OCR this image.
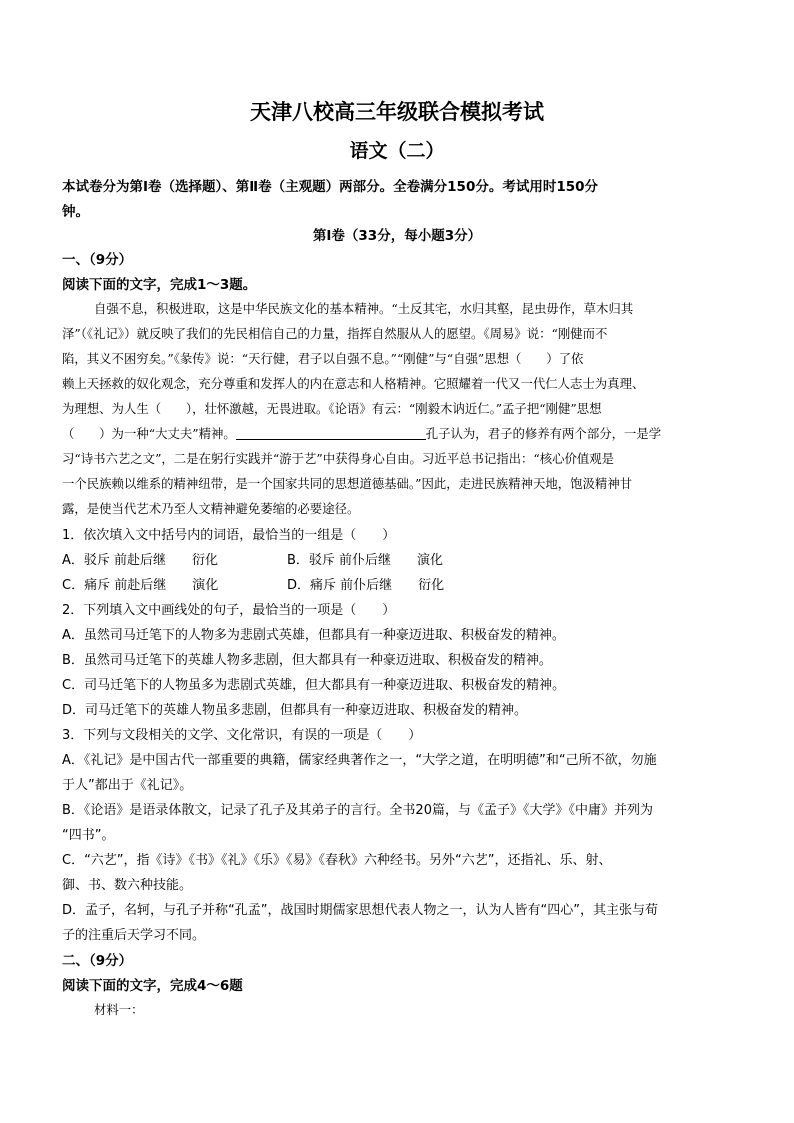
天津八校高三年级联合模拟考试
语文（二）
本试卷分为第I卷（选择题）、第Ⅱ卷（主观题）两部分。全卷满分150分。考试用时150分
钟。
第I卷（33分，每小题3分）
一、（9分）
阅读下面的文字，完成1～3题。
自强不息，积极进取，这是中华民族文化的基本精神。“土反其宅，水归其壑，昆虫毋作，草木归其
泽”（《礼记》）就反映了我们的先民相信自己的力量，指挥自然服从人的愿望。《周易》说：“刚健而不
陷，其义不困穷矣。”《彖传》说：“天行健，君子以自强不息。”“刚健”与“自强”思想（　　）了依
赖上天拯救的奴化观念，充分尊重和发挥人的内在意志和人格精神。它照耀着一代又一代仁人志士为真理、
为理想、为人生（　　），壮怀激越，无畏进取。《论语》有云：“刚毅木讷近仁。”孟子把“刚健”思想
（　　）为一种“大丈夫”精神。	孔子认为，君子的修养有两个部分，一是学
习“诗书六艺之文”，二是在躬行实践并“游于艺”中获得身心自由。习近平总书记指出：“核心价值观是
一个民族赖以维系的精神纽带，是一个国家共同的思想道德基础。”因此，走进民族精神天地，饱汲精神甘
露，是使当代艺术乃至人文精神避免萎缩的必要途径。
1．依次填入文中括号内的词语，最恰当的一组是（　　）
A．驳斥 前赴后继　　衍化	B．驳斥 前仆后继　　演化
C．痛斥 前赴后继　　演化	D．痛斥 前仆后继　　衍化
2．下列填入文中画线处的句子，最恰当的一项是（　　）
A．虽然司马迁笔下的人物多为悲剧式英雄，但都具有一种豪迈进取、积极奋发的精神。
B．虽然司马迁笔下的英雄人物多悲剧，但大都具有一种豪迈进取、积极奋发的精神。
C．司马迁笔下的人物虽多为悲剧式英雄，但大都具有一种豪迈进取、积极奋发的精神。
D．司马迁笔下的英雄人物虽多悲剧，但都具有一种豪迈进取、积极奋发的精神。
3．下列与文段相关的文学、文化常识，有误的一项是（　　）
A．《礼记》是中国古代一部重要的典籍，儒家经典著作之一，“大学之道，在明明德”和“己所不欲，勿施
于人”都出于《礼记》。
B．《论语》是语录体散文，记录了孔子及其弟子的言行。全书20篇，与《孟子》《大学》《中庸》并列为
“四书”。
C．“六艺”，指《诗》《书》《礼》《乐》《易》《春秋》六种经书。另外“六艺”，还指礼、乐、射、
御、书、数六种技能。
D．孟子，名轲，与孔子并称“孔孟”，战国时期儒家思想代表人物之一，认为人皆有“四心”，其主张与荀
子的注重后天学习不同。
二、（9分）
阅读下面的文字，完成4～6题
材料一：
